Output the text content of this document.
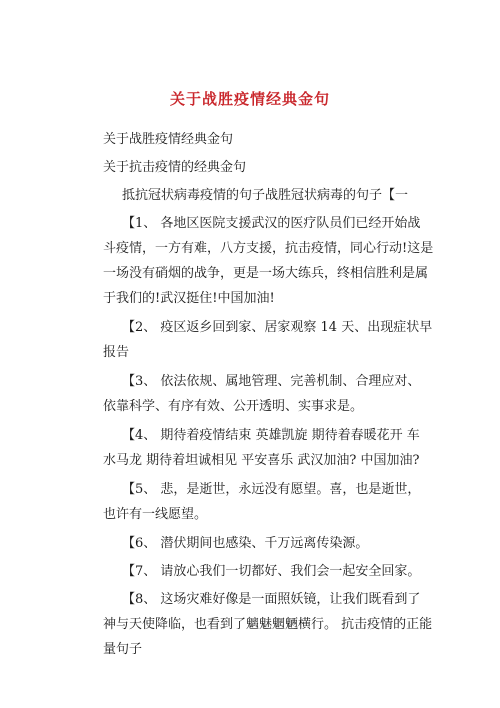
关于战胜疫情经典金句
关于战胜疫情经典金句
关于抗击疫情的经典金句
抵抗冠状病毒疫情的句子战胜冠状病毒的句子【一
【1、 各地区医院支援武汉的医疗队员们已经开始战
斗疫情，一方有难，八方支援，抗击疫情，同心行动!这是
一场没有硝烟的战争，更是一场大练兵，终相信胜利是属
于我们的!武汉挺住!中国加油!
【2、 疫区返乡回到家、居家观察 14 天、出现症状早
报告
【3、 依法依规、属地管理、完善机制、合理应对、
依靠科学、有序有效、公开透明、实事求是。
【4、 期待着疫情结束 英雄凯旋 期待着春暖花开 车
水马龙 期待着坦诚相见 平安喜乐 武汉加油? 中国加油?
【5、 悲，是逝世，永远没有愿望。喜，也是逝世，
也许有一线愿望。
【6、 潜伏期间也感染、千万远离传染源。
【7、 请放心我们一切都好、我们会一起安全回家。
【8、 这场灾难好像是一面照妖镜，让我们既看到了
神与天使降临，也看到了魑魅魍魉横行。 抗击疫情的正能
量句子
